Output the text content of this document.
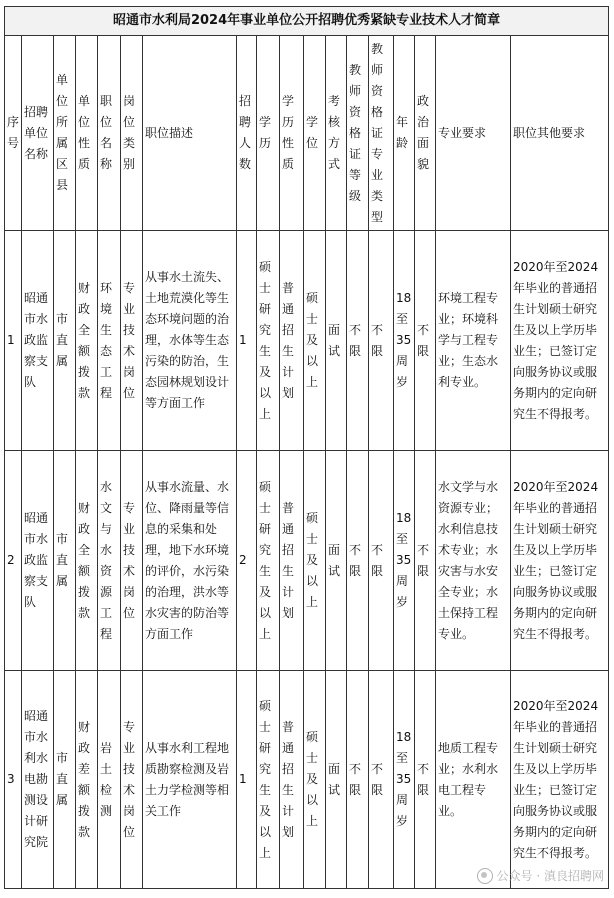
昭通市水利局2024年事业单位公开招聘优秀紧缺专业技术人才简章																	
序号	招聘单位名称	单位所属区县	单位性质	职位名称	岗位类别	职位描述	招聘人数	学历	学历性质	学位	考核方式	教师资格证等级	教师资格证专业类型	年龄	政治面貌	专业要求	职位其他要求
1	昭通市水政监察支队	市直属	财政全额拨款	环境生态工程	专业技术岗位	从事水土流失、土地荒漠化等生态环境问题的治理，水体等生态污染的防治，生态园林规划设计等方面工作	1	硕士研究生及以上	普通招生计划	硕士及以上	面试	不限	不限	18至35周岁	不限	环境工程专业；环境科学与工程专业；生态水利专业。	2020年至2024年毕业的普通招生计划硕士研究生及以上学历毕业生；已签订定向服务协议或服务期内的定向研究生不得报考。
2	昭通市水政监察支队	市直属	财政全额拨款	水文与水资源工程	专业技术岗位	从事水流量、水位、降雨量等信息的采集和处理，地下水环境的评价，水污染的治理，洪水等水灾害的防治等方面工作	2	硕士研究生及以上	普通招生计划	硕士及以上	面试	不限	不限	18至35周岁	不限	水文学与水资源专业；水利信息技术专业；水灾害与水安全专业；水土保持工程专业。	2020年至2024年毕业的普通招生计划硕士研究生及以上学历毕业生；已签订定向服务协议或服务期内的定向研究生不得报考。
3	昭通市水利水电勘测设计研究院	市直属	财政差额拨款	岩土检测	专业技术岗位	从事水利工程地质勘察检测及岩土力学检测等相关工作	1	硕士研究生及以上	普通招生计划	硕士及以上	面试	不限	不限	18至35周岁	不限	地质工程专业；水利水电工程专业。	2020年至2024年毕业的普通招生计划硕士研究生及以上学历毕业生；已签订定向服务协议或服务期内的定向研究生不得报考。
公众号 · 滇良招聘网
